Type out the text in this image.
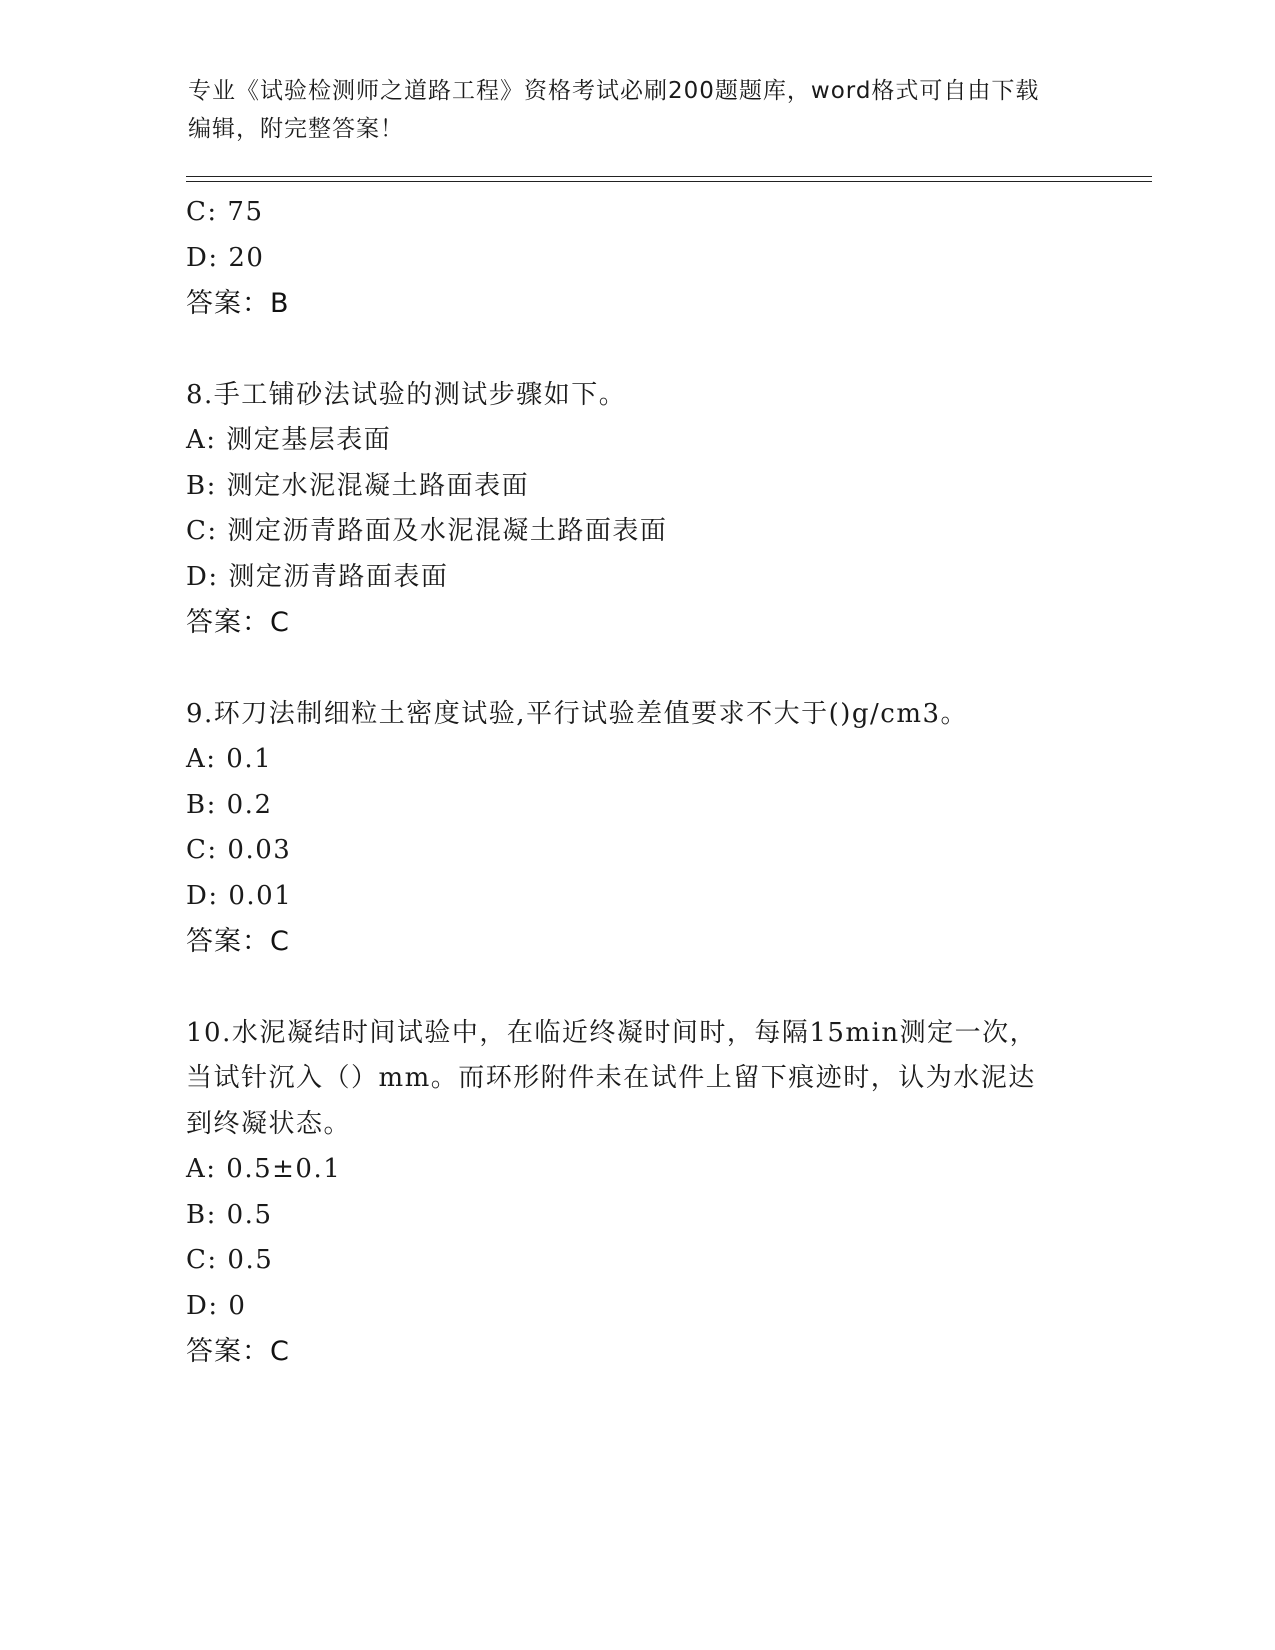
专业《试验检测师之道路工程》资格考试必刷200题题库，word格式可自由下载
编辑，附完整答案！
C: 75
D: 20
答案：B
8.手工铺砂法试验的测试步骤如下。
A: 测定基层表面
B: 测定水泥混凝土路面表面
C: 测定沥青路面及水泥混凝土路面表面
D: 测定沥青路面表面
答案：C
9.环刀法制细粒土密度试验,平行试验差值要求不大于()g/cm3。
A: 0.1
B: 0.2
C: 0.03
D: 0.01
答案：C
10.水泥凝结时间试验中，在临近终凝时间时，每隔15min测定一次，
当试针沉入（）mm。而环形附件未在试件上留下痕迹时，认为水泥达
到终凝状态。
A: 0.5±0.1
B: 0.5
C: 0.5
D: 0
答案：C
